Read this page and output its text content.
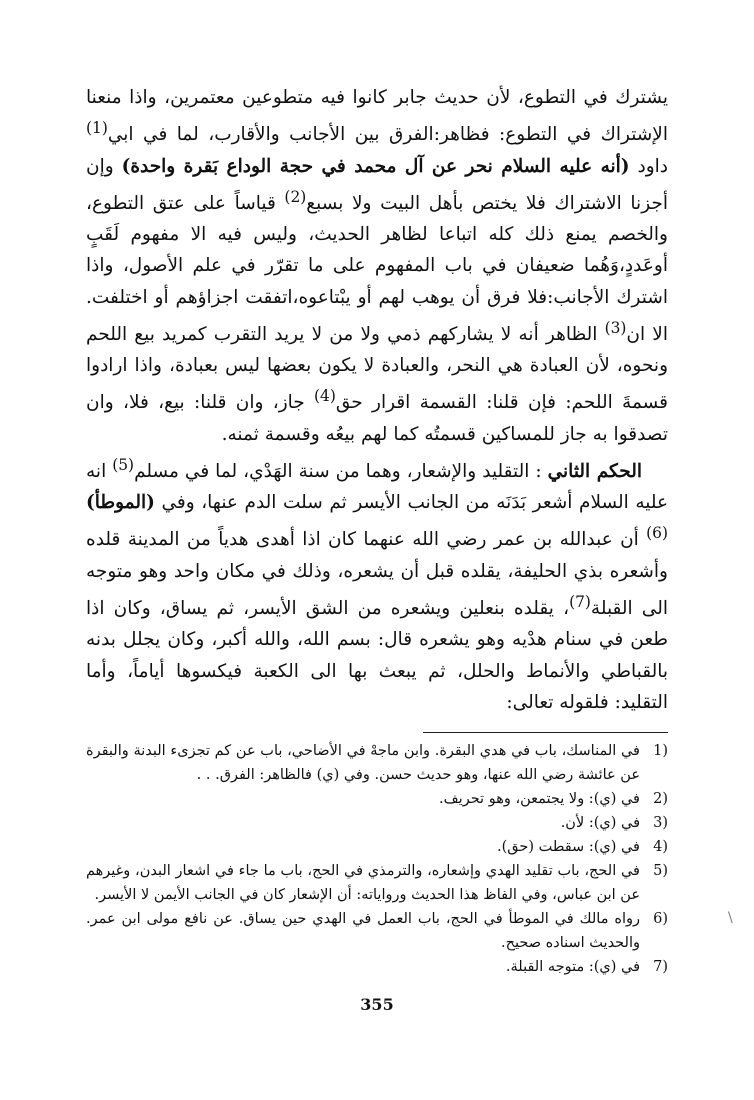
يشترك في التطوع، لأن حديث جابر كانوا فيه متطوعين معتمرين، واذا منعنا الإشتراك في التطوع: فظاهر:الفرق بين الأجانب والأقارب، لما في ابي$^{(1)}$ داود (أنه عليه السلام نحر عن آل محمد في حجة الوداع بَقرة واحدة) وإن أجزنا الاشتراك فلا يختص بأهل البيت ولا بسبع$^{(2)}$ قياساً على عتق التطوع، والخصم يمنع ذلك كله اتباعا لظاهر الحديث، وليس فيه الا مفهوم لَقَبٍ أوعَددٍ،وَهُما ضعيفان في باب المفهوم على ما تقرّر في علم الأصول، واذا اشترك الأجانب:فلا فرق أن يوهب لهم أو يبْتاعوه،اتفقت اجزاؤهم أو اختلفت. الا ان$^{(3)}$ الظاهر أنه لا يشاركهم ذمي ولا من لا يريد التقرب كمريد بيع اللحم ونحوه، لأن العبادة هي النحر، والعبادة لا يكون بعضها ليس بعبادة، واذا ارادوا قسمةَ اللحم: فإن قلنا: القسمة اقرار حق$^{(4)}$ جاز، وان قلنا: بيع، فلا، وان تصدقوا به جاز للمساكين قسمتُه كما لهم بيعُه وقسمة ثمنه.

الحكم الثاني : التقليد والإشعار، وهما من سنة الهَدْي، لما في مسلم$^{(5)}$ انه عليه السلام أشعر بَدَنَه من الجانب الأيسر ثم سلت الدم عنها، وفي (الموطأ)$^{(6)}$ أن عبدالله بن عمر رضي الله عنهما كان اذا أهدى هدياً من المدينة قلده وأشعره بذي الحليفة، يقلده قبل أن يشعره، وذلك في مكان واحد وهو متوجه الى القبلة$^{(7)}$، يقلده بنعلين ويشعره من الشق الأيسر، ثم يساق، وكان اذا طعن في سنام هدْيه وهو يشعره قال: بسم الله، والله أكبر، وكان يجلل بدنه بالقباطي والأنماط والحلل، ثم يبعث بها الى الكعبة فيكسوها أياماً، وأما التقليد: فلقوله تعالى:

1)
في المناسك، باب في هدي البقرة. وابن ماجهْ في الأضاحي، باب عن كم تجزىء البدنة والبقرة عن عائشة رضي الله عنها، وهو حديث حسن. وفي (ي) فالظاهر: الفرق. . .
2)
في (ي): ولا يجتمعن، وهو تحريف.
3)
في (ي): لأن.
4)
في (ي): سقطت (حق).
5)
في الحج، باب تقليد الهدي وإشعاره، والترمذي في الحج، باب ما جاء في اشعار البدن، وغيرهم عن ابن عباس، وفي الفاظ هذا الحديث ورواياته: أن الإشعار كان في الجانب الأيمن لا الأيسر.
6)
رواه مالك في الموطأ في الحج، باب العمل في الهدي حين يساق. عن نافع مولى ابن عمر. والحديث اسناده صحيح.
7)
في (ي): متوجه القبلة.
355
\
